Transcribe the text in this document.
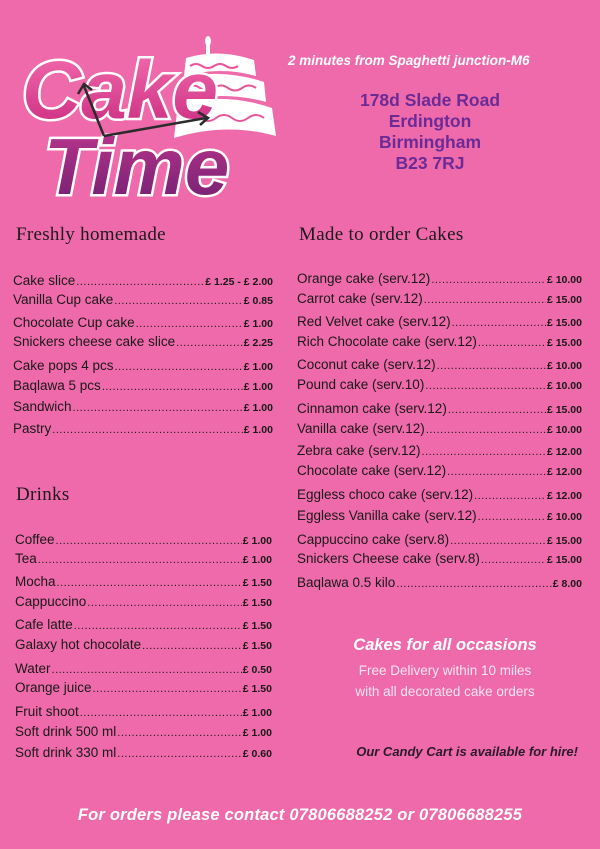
Cake
Time
2 minutes from Spaghetti junction-M6
178d Slade Road
Erdington
Birmingham
B23 7RJ
Freshly homemade	Made to order Cakes
Drinks
Cake slice .....	£ 1.25 - £ 2.00
Vanilla Cup cake .....	£ 0.85
Chocolate Cup cake .....	£ 1.00
Snickers cheese cake slice .....	£ 2.25
Cake pops 4 pcs .....	£ 1.00
Baqlawa 5 pcs .....	£ 1.00
Sandwich .....	£ 1.00
Pastry .....	£ 1.00
Coffee .....	£ 1.00
Tea .....	£ 1.00
Mocha .....	£ 1.50
Cappuccino .....	£ 1.50
Cafe latte .....	£ 1.50
Galaxy hot chocolate .....	£ 1.50
Water .....	£ 0.50
Orange juice .....	£ 1.50
Fruit shoot .....	£ 1.00
Soft drink 500 ml .....	£ 1.00
Soft drink 330 ml .....	£ 0.60
Orange cake (serv.12) .....	£ 10.00
Carrot cake (serv.12) .....	£ 15.00
Red Velvet cake (serv.12) .....	£ 15.00
Rich Chocolate cake (serv.12) .....	£ 15.00
Coconut cake (serv.12) .....	£ 10.00
Pound cake (serv.10) .....	£ 10.00
Cinnamon cake (serv.12) .....	£ 15.00
Vanilla cake (serv.12) .....	£ 10.00
Zebra cake (serv.12) .....	£ 12.00
Chocolate cake (serv.12) .....	£ 12.00
Eggless choco cake (serv.12) .....	£ 12.00
Eggless Vanilla cake (serv.12) .....	£ 10.00
Cappuccino cake (serv.8) .....	£ 15.00
Snickers Cheese cake (serv.8) .....	£ 15.00
Baqlawa 0.5 kilo .....	£ 8.00
Cakes for all occasions
Free Delivery within 10 miles
with all decorated cake orders
Our Candy Cart is available for hire!
For orders please contact 07806688252 or 07806688255
